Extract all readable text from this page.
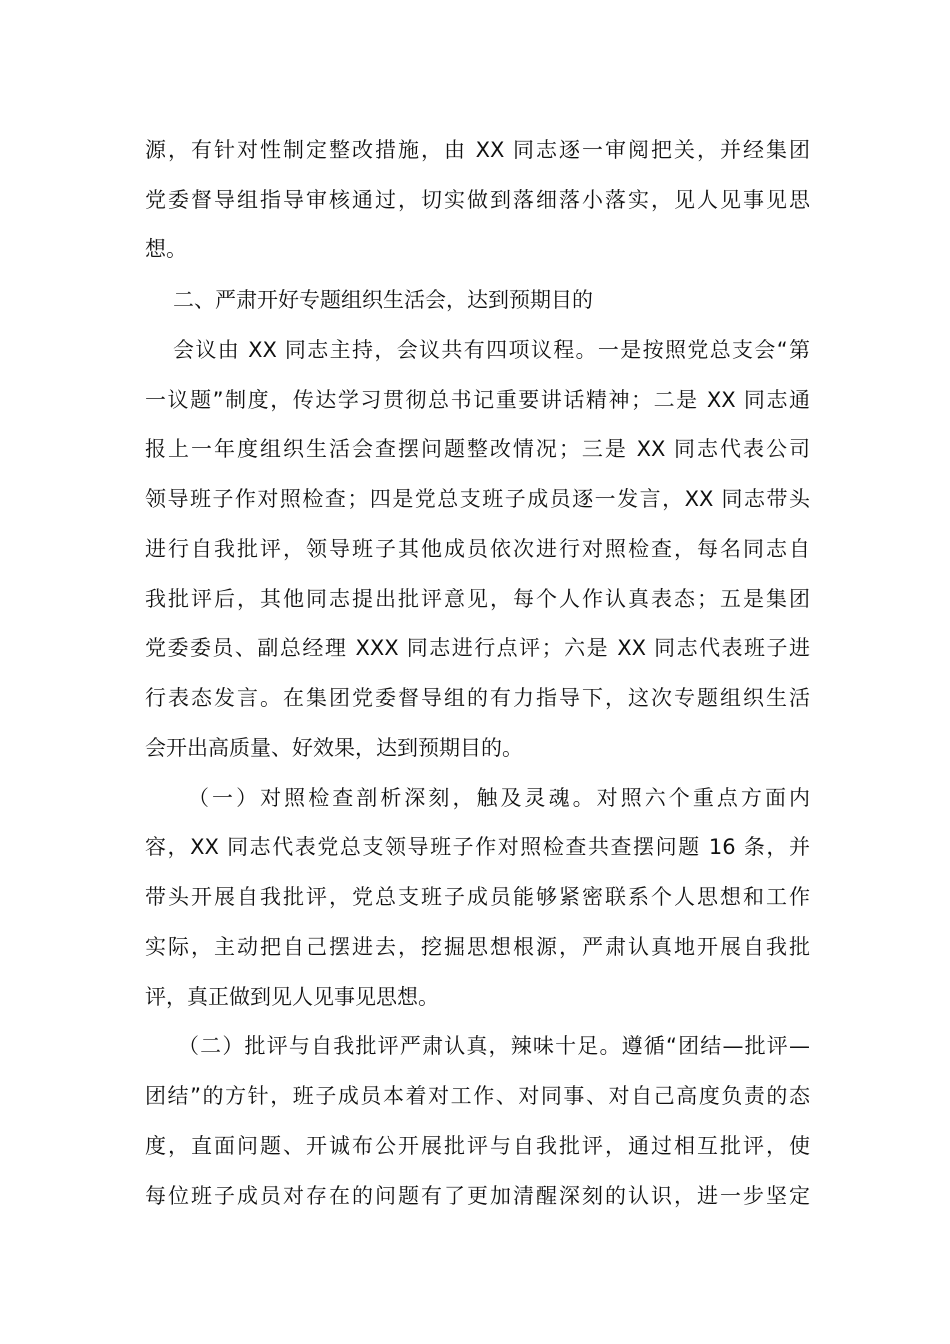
源，有针对性制定整改措施，由 XX 同志逐一审阅把关，并经集团
党委督导组指导审核通过，切实做到落细落小落实，见人见事见思
想。
二、严肃开好专题组织生活会，达到预期目的
会议由 XX 同志主持，会议共有四项议程。一是按照党总支会“第
一议题”制度，传达学习贯彻总书记重要讲话精神；二是 XX 同志通
报上一年度组织生活会查摆问题整改情况；三是 XX 同志代表公司
领导班子作对照检查；四是党总支班子成员逐一发言，XX 同志带头
进行自我批评，领导班子其他成员依次进行对照检查，每名同志自
我批评后，其他同志提出批评意见，每个人作认真表态；五是集团
党委委员、副总经理 XXX 同志进行点评；六是 XX 同志代表班子进
行表态发言。在集团党委督导组的有力指导下，这次专题组织生活
会开出高质量、好效果，达到预期目的。
（一）对照检查剖析深刻，触及灵魂。对照六个重点方面内
容，XX 同志代表党总支领导班子作对照检查共查摆问题 16 条，并
带头开展自我批评，党总支班子成员能够紧密联系个人思想和工作
实际，主动把自己摆进去，挖掘思想根源，严肃认真地开展自我批
评，真正做到见人见事见思想。
（二）批评与自我批评严肃认真，辣味十足。遵循“团结—批评—
团结”的方针，班子成员本着对工作、对同事、对自己高度负责的态
度，直面问题、开诚布公开展批评与自我批评，通过相互批评，使
每位班子成员对存在的问题有了更加清醒深刻的认识，进一步坚定
